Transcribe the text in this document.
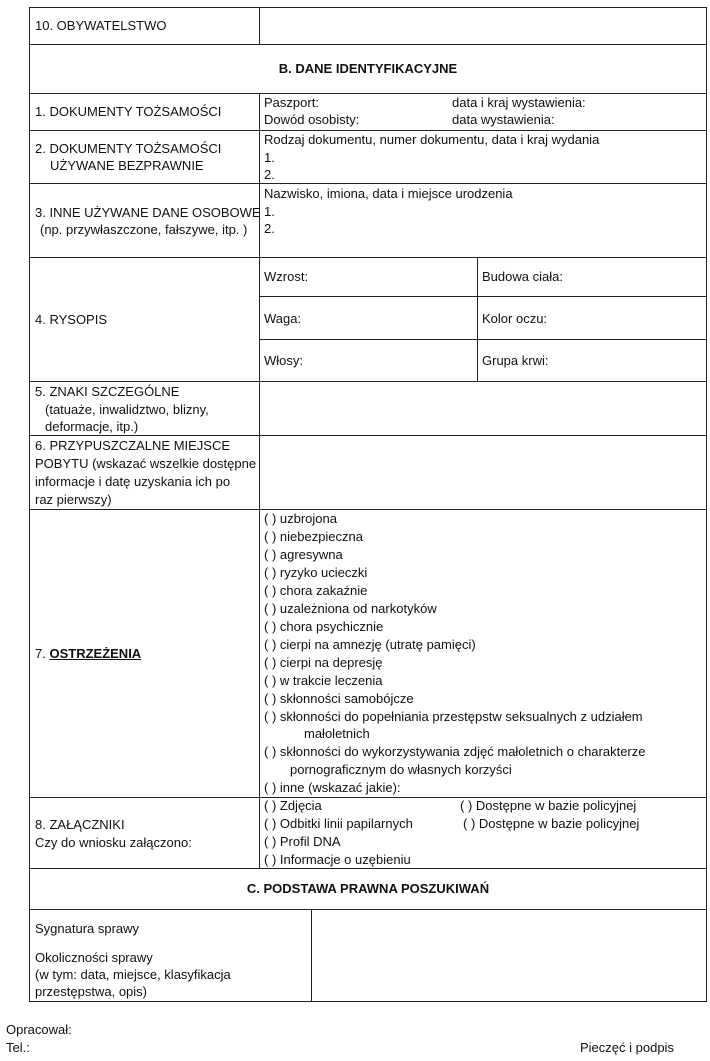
10. OBYWATELSTWO
B. DANE IDENTYFIKACYJNE
1. DOKUMENTY TOŻSAMOŚCI
Paszport:	data i kraj wystawienia:
Dowód osobisty:	data wystawienia:
2. DOKUMENTY TOŻSAMOŚCI
UŻYWANE BEZPRAWNIE
Rodzaj dokumentu, numer dokumentu, data i kraj wydania
1.
2.
3. INNE UŻYWANE DANE OSOBOWE
(np. przywłaszczone, fałszywe, itp. )
Nazwisko, imiona, data i miejsce urodzenia
1.
2.
4. RYSOPIS
Wzrost:	Budowa ciała:
Waga:	Kolor oczu:
Włosy:	Grupa krwi:
5. ZNAKI SZCZEGÓLNE
(tatuaże, inwalidztwo, blizny,
deformacje, itp.)
6. PRZYPUSZCZALNE MIEJSCE
POBYTU (wskazać wszelkie dostępne
informacje i datę uzyskania ich po
raz pierwszy)
7. OSTRZEŻENIA
( ) uzbrojona
( ) niebezpieczna
( ) agresywna
( ) ryzyko ucieczki
( ) chora zakaźnie
( ) uzależniona od narkotyków
( ) chora psychicznie
( ) cierpi na amnezję (utratę pamięci)
( ) cierpi na depresję
( ) w trakcie leczenia
( ) skłonności samobójcze
( ) skłonności do popełniania przestępstw seksualnych z udziałem
małoletnich
( ) skłonności do wykorzystywania zdjęć małoletnich o charakterze
pornograficznym do własnych korzyści
( ) inne (wskazać jakie):
8. ZAŁĄCZNIKI
Czy do wniosku załączono:
( ) Zdjęcia	( ) Dostępne w bazie policyjnej
( ) Odbitki linii papilarnych	( ) Dostępne w bazie policyjnej
( ) Profil DNA
( ) Informacje o uzębieniu
C. PODSTAWA PRAWNA POSZUKIWAŃ
Sygnatura sprawy
Okoliczności sprawy
(w tym: data, miejsce, klasyfikacja
przestępstwa, opis)
Opracował:
Tel.:	Pieczęć i podpis
